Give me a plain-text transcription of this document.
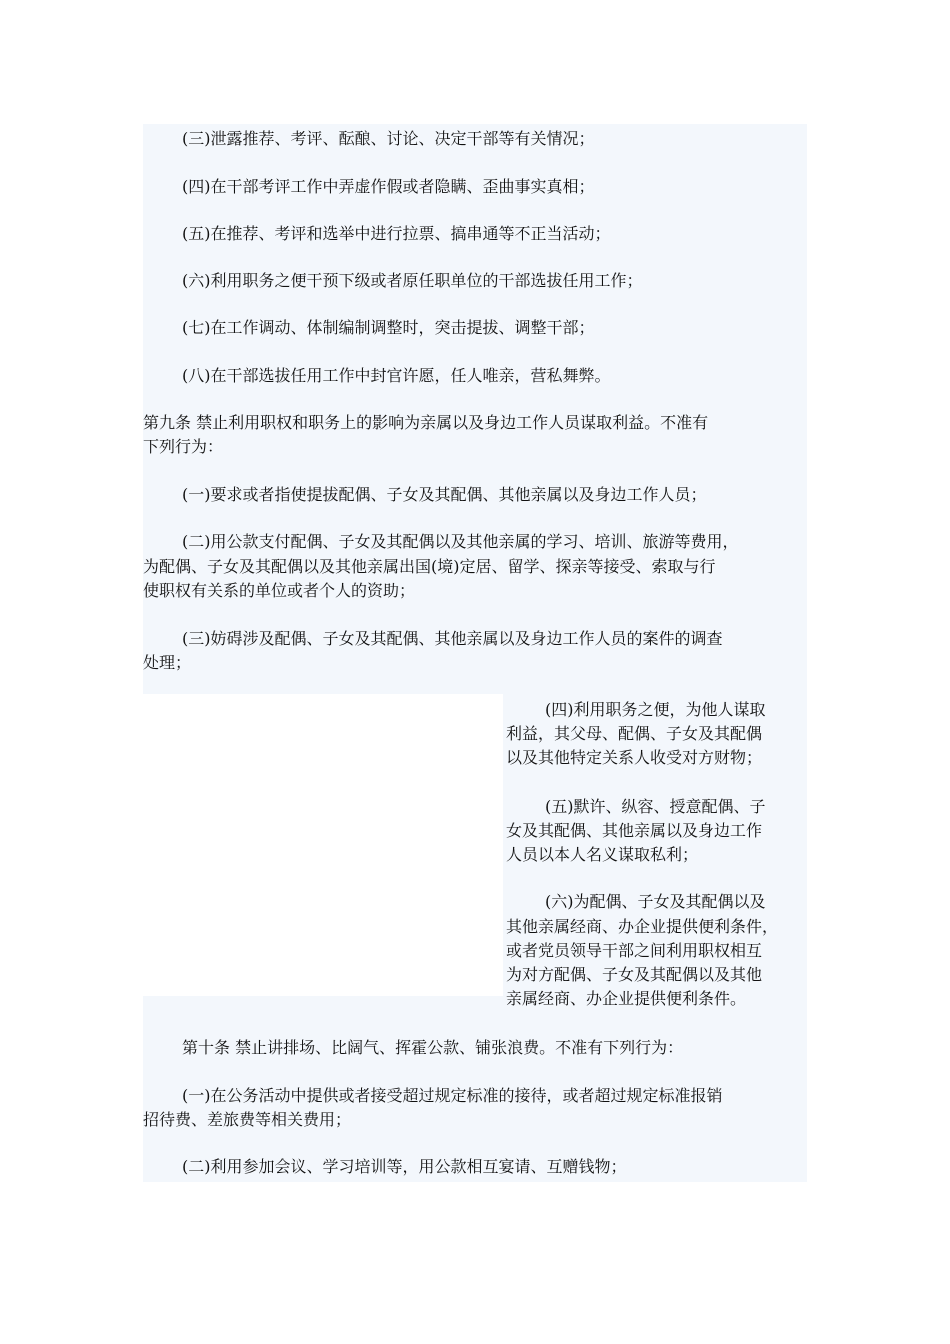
(三)泄露推荐、考评、酝酿、讨论、决定干部等有关情况；

(四)在干部考评工作中弄虚作假或者隐瞒、歪曲事实真相；

(五)在推荐、考评和选举中进行拉票、搞串通等不正当活动；

(六)利用职务之便干预下级或者原任职单位的干部选拔任用工作；

(七)在工作调动、体制编制调整时，突击提拔、调整干部；

(八)在干部选拔任用工作中封官许愿，任人唯亲，营私舞弊。

第九条 禁止利用职权和职务上的影响为亲属以及身边工作人员谋取利益。不准有

下列行为：

(一)要求或者指使提拔配偶、子女及其配偶、其他亲属以及身边工作人员；

(二)用公款支付配偶、子女及其配偶以及其他亲属的学习、培训、旅游等费用，

为配偶、子女及其配偶以及其他亲属出国(境)定居、留学、探亲等接受、索取与行

使职权有关系的单位或者个人的资助；

(三)妨碍涉及配偶、子女及其配偶、其他亲属以及身边工作人员的案件的调查

处理；

(四)利用职务之便，为他人谋取

利益，其父母、配偶、子女及其配偶

以及其他特定关系人收受对方财物；

(五)默许、纵容、授意配偶、子

女及其配偶、其他亲属以及身边工作

人员以本人名义谋取私利；

(六)为配偶、子女及其配偶以及

其他亲属经商、办企业提供便利条件，

或者党员领导干部之间利用职权相互

为对方配偶、子女及其配偶以及其他

亲属经商、办企业提供便利条件。

第十条 禁止讲排场、比阔气、挥霍公款、铺张浪费。不准有下列行为：

(一)在公务活动中提供或者接受超过规定标准的接待，或者超过规定标准报销

招待费、差旅费等相关费用；

(二)利用参加会议、学习培训等，用公款相互宴请、互赠钱物；
